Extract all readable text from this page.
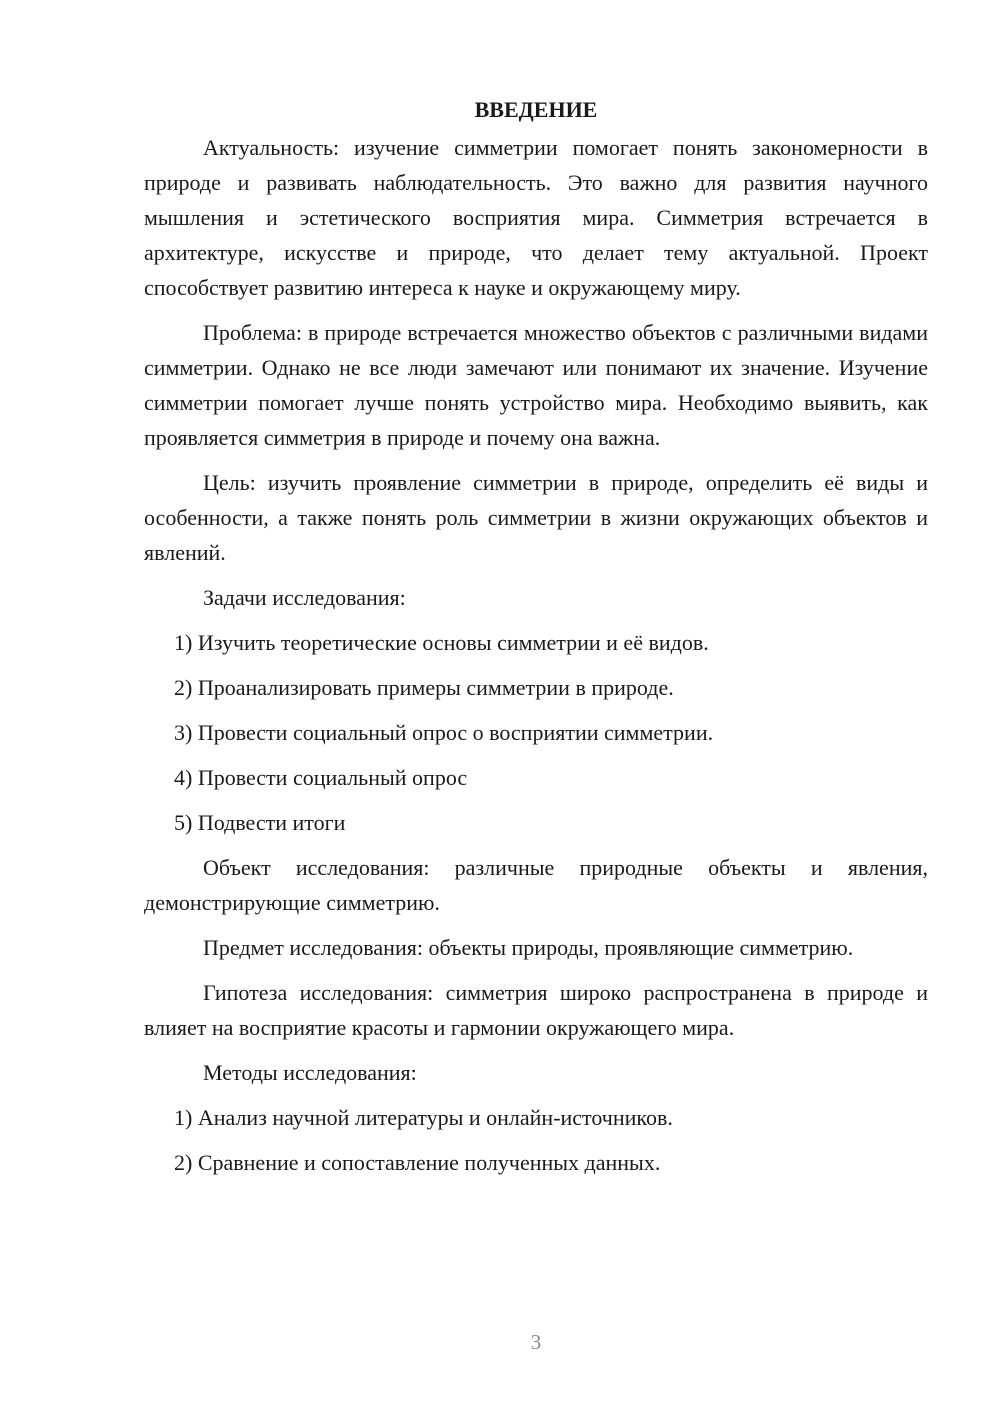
ВВЕДЕНИЕ

Актуальность: изучение симметрии помогает понять закономерности в природе и развивать наблюдательность. Это важно для развития научного мышления и эстетического восприятия мира. Симметрия встречается в архитектуре, искусстве и природе, что делает тему актуальной. Проект способствует развитию интереса к науке и окружающему миру.

Проблема: в природе встречается множество объектов с различными видами симметрии. Однако не все люди замечают или понимают их значение. Изучение симметрии помогает лучше понять устройство мира. Необходимо выявить, как проявляется симметрия в природе и почему она важна.

Цель: изучить проявление симметрии в природе, определить её виды и особенности, а также понять роль симметрии в жизни окружающих объектов и явлений.

Задачи исследования:
1) Изучить теоретические основы симметрии и её видов.
2) Проанализировать примеры симметрии в природе.
3) Провести социальный опрос о восприятии симметрии.
4) Провести социальный опрос
5) Подвести итоги

Объект исследования: различные природные объекты и явления, демонстрирующие симметрию.

Предмет исследования: объекты природы, проявляющие симметрию.

Гипотеза исследования: симметрия широко распространена в природе и влияет на восприятие красоты и гармонии окружающего мира.

Методы исследования:
1) Анализ научной литературы и онлайн-источников.
2) Сравнение и сопоставление полученных данных.
3
